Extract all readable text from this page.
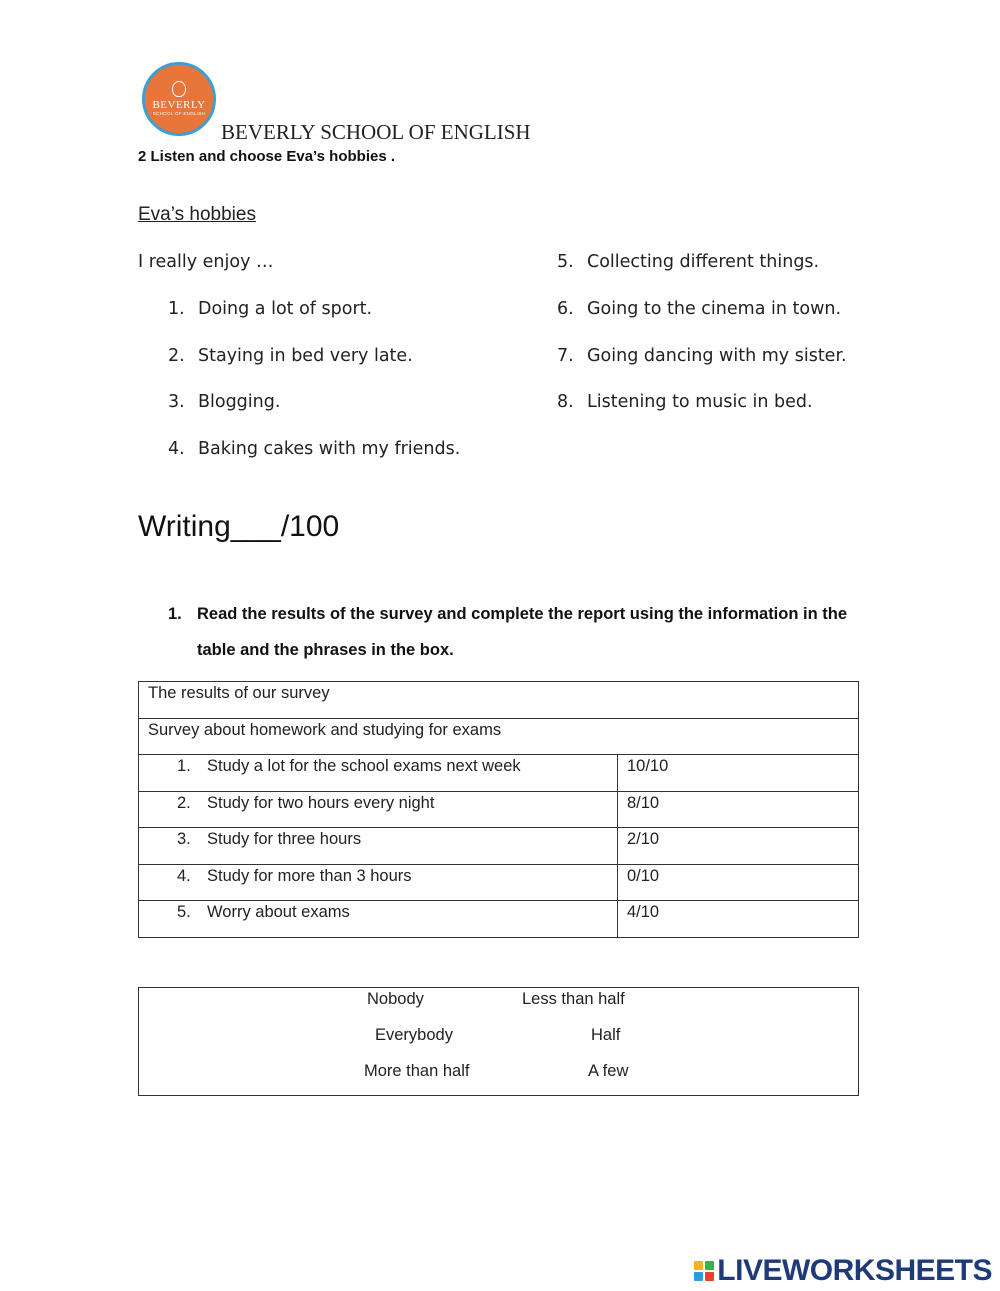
BEVERLY
SCHOOL OF ENGLISH
BEVERLY SCHOOL OF ENGLISH
2 Listen and choose Eva’s hobbies .
Eva’s hobbies
I really enjoy …
1. Doing a lot of sport.
2. Staying in bed very late.
3. Blogging.
4. Baking cakes with my friends.
5. Collecting different things.
6. Going to the cinema in town.
7. Going dancing with my sister.
8. Listening to music in bed.
Writing___/100
1. Read the results of the survey and complete the report using the information in the table and the phrases in the box.
The results of our survey	

Survey about homework and studying for exams	

1. Study a lot for the school exams next week	10/10

2. Study for two hours every night	8/10

3. Study for three hours	2/10

4. Study for more than 3 hours	0/10

5. Worry about exams	4/10
Nobody	Less than half
Everybody	Half
More than half	A few
LIVEWORKSHEETS
